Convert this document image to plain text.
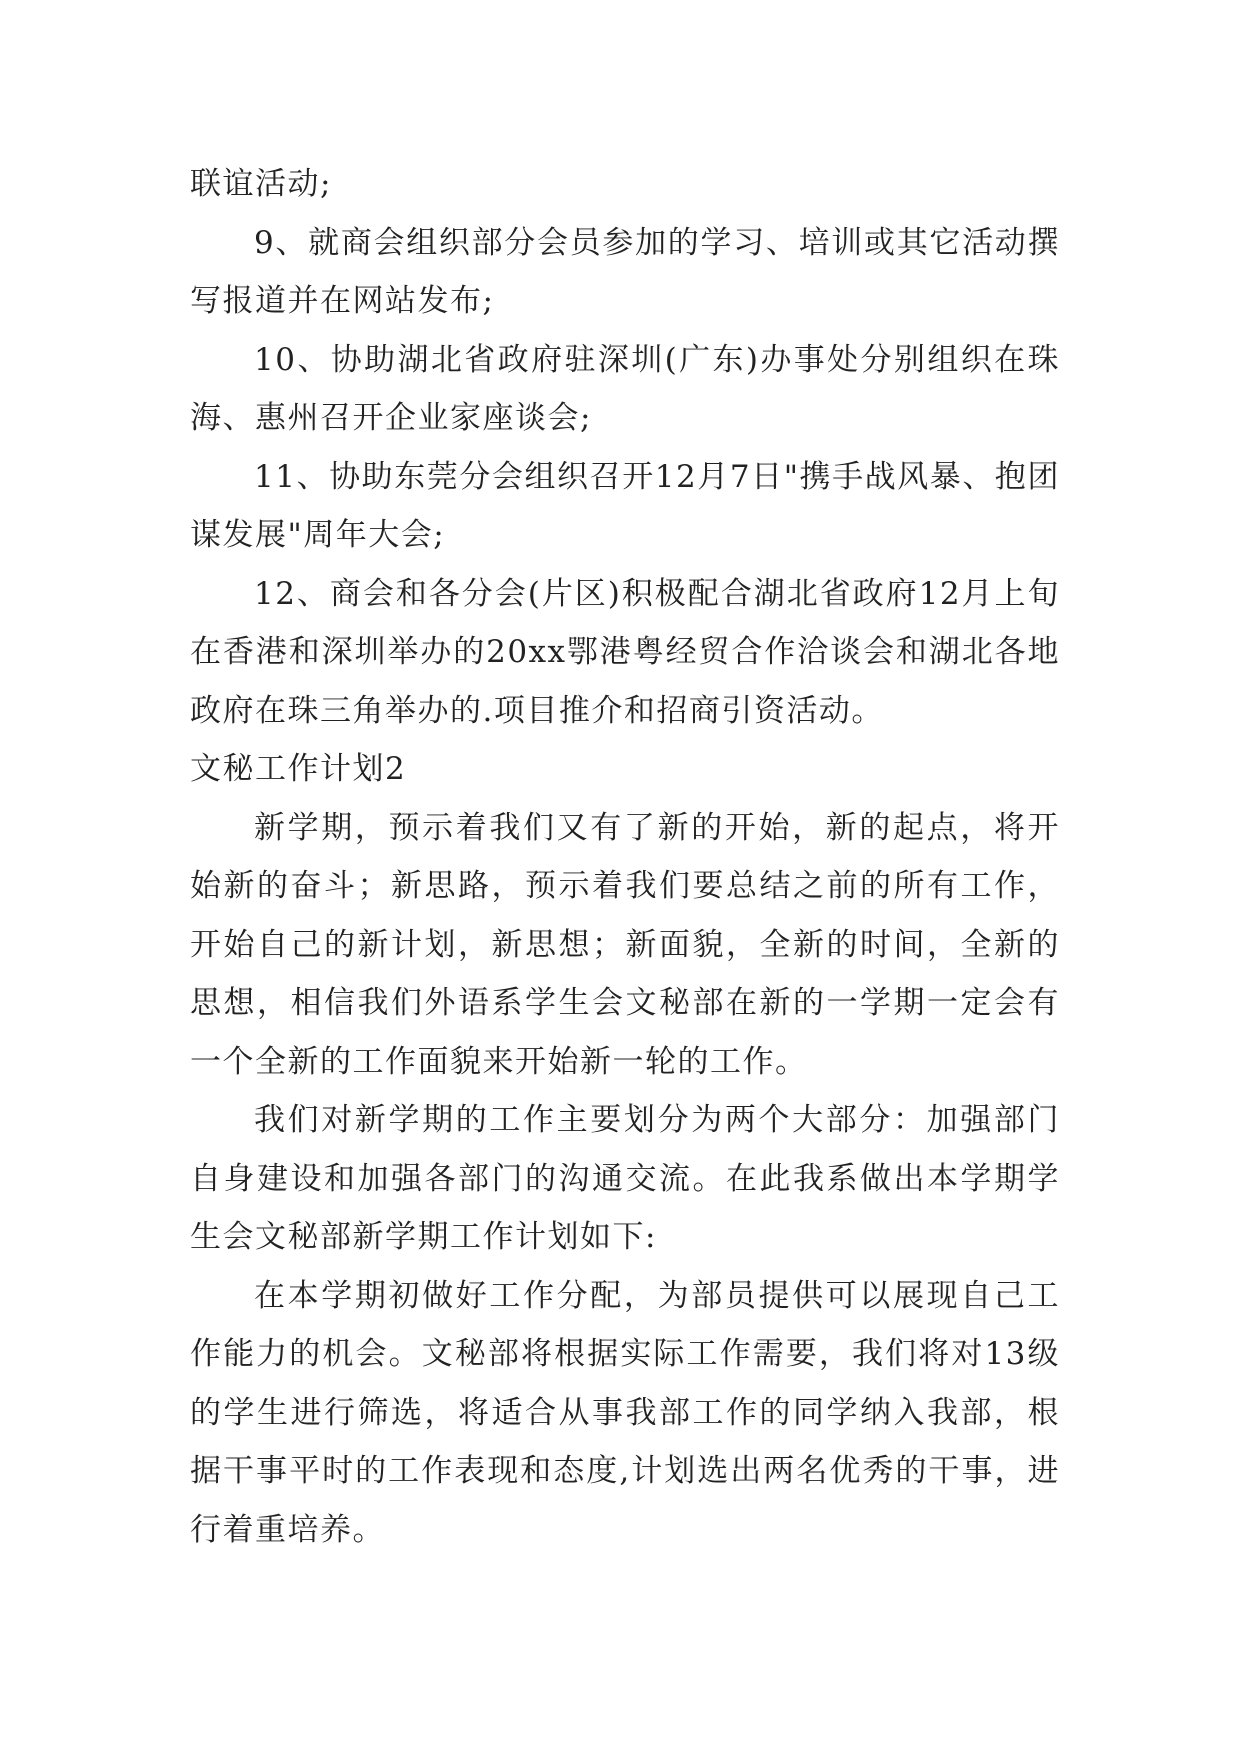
联谊活动;

9、就商会组织部分会员参加的学习、培训或其它活动撰写报道并在网站发布;

10、协助湖北省政府驻深圳(广东)办事处分别组织在珠海、惠州召开企业家座谈会;

11、协助东莞分会组织召开12月7日"携手战风暴、抱团谋发展"周年大会;

12、商会和各分会(片区)积极配合湖北省政府12月上旬在香港和深圳举办的20xx鄂港粤经贸合作洽谈会和湖北各地政府在珠三角举办的.项目推介和招商引资活动。

文秘工作计划2

新学期，预示着我们又有了新的开始，新的起点，将开始新的奋斗；新思路，预示着我们要总结之前的所有工作，开始自己的新计划，新思想；新面貌，全新的时间，全新的思想，相信我们外语系学生会文秘部在新的一学期一定会有一个全新的工作面貌来开始新一轮的工作。

我们对新学期的工作主要划分为两个大部分：加强部门自身建设和加强各部门的沟通交流。在此我系做出本学期学生会文秘部新学期工作计划如下:

在本学期初做好工作分配，为部员提供可以展现自己工作能力的机会。文秘部将根据实际工作需要，我们将对13级的学生进行筛选，将适合从事我部工作的同学纳入我部，根据干事平时的工作表现和态度,计划选出两名优秀的干事，进行着重培养。
